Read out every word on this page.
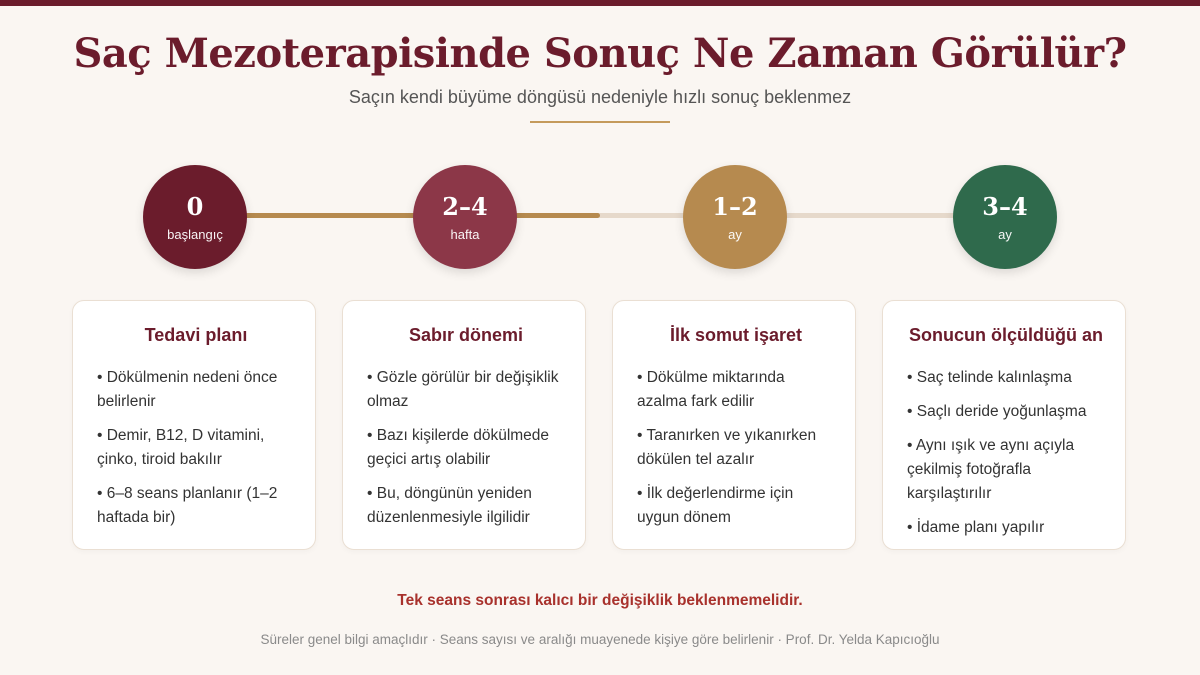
Saç Mezoterapisinde Sonuç Ne Zaman Görülür?

Saçın kendi büyüme döngüsü nedeniyle hızlı sonuç beklenmez

0
başlangıç
2–4
hafta
1–2
ay
3–4
ay
Tedavi planı
• Dökülmenin nedeni önce belirlenir
• Demir, B12, D vitamini, çinko, tiroid bakılır
• 6–8 seans planlanır (1–2 haftada bir)
Sabır dönemi
• Gözle görülür bir değişiklik olmaz
• Bazı kişilerde dökülmede geçici artış olabilir
• Bu, döngünün yeniden düzenlenmesiyle ilgilidir
İlk somut işaret
• Dökülme miktarında azalma fark edilir
• Taranırken ve yıkanırken dökülen tel azalır
• İlk değerlendirme için uygun dönem
Sonucun ölçüldüğü an
• Saç telinde kalınlaşma
• Saçlı deride yoğunlaşma
• Aynı ışık ve aynı açıyla çekilmiş fotoğrafla karşılaştırılır
• İdame planı yapılır

Tek seans sonrası kalıcı bir değişiklik beklenmemelidir.

Süreler genel bilgi amaçlıdır · Seans sayısı ve aralığı muayenede kişiye göre belirlenir · Prof. Dr. Yelda Kapıcıoğlu
